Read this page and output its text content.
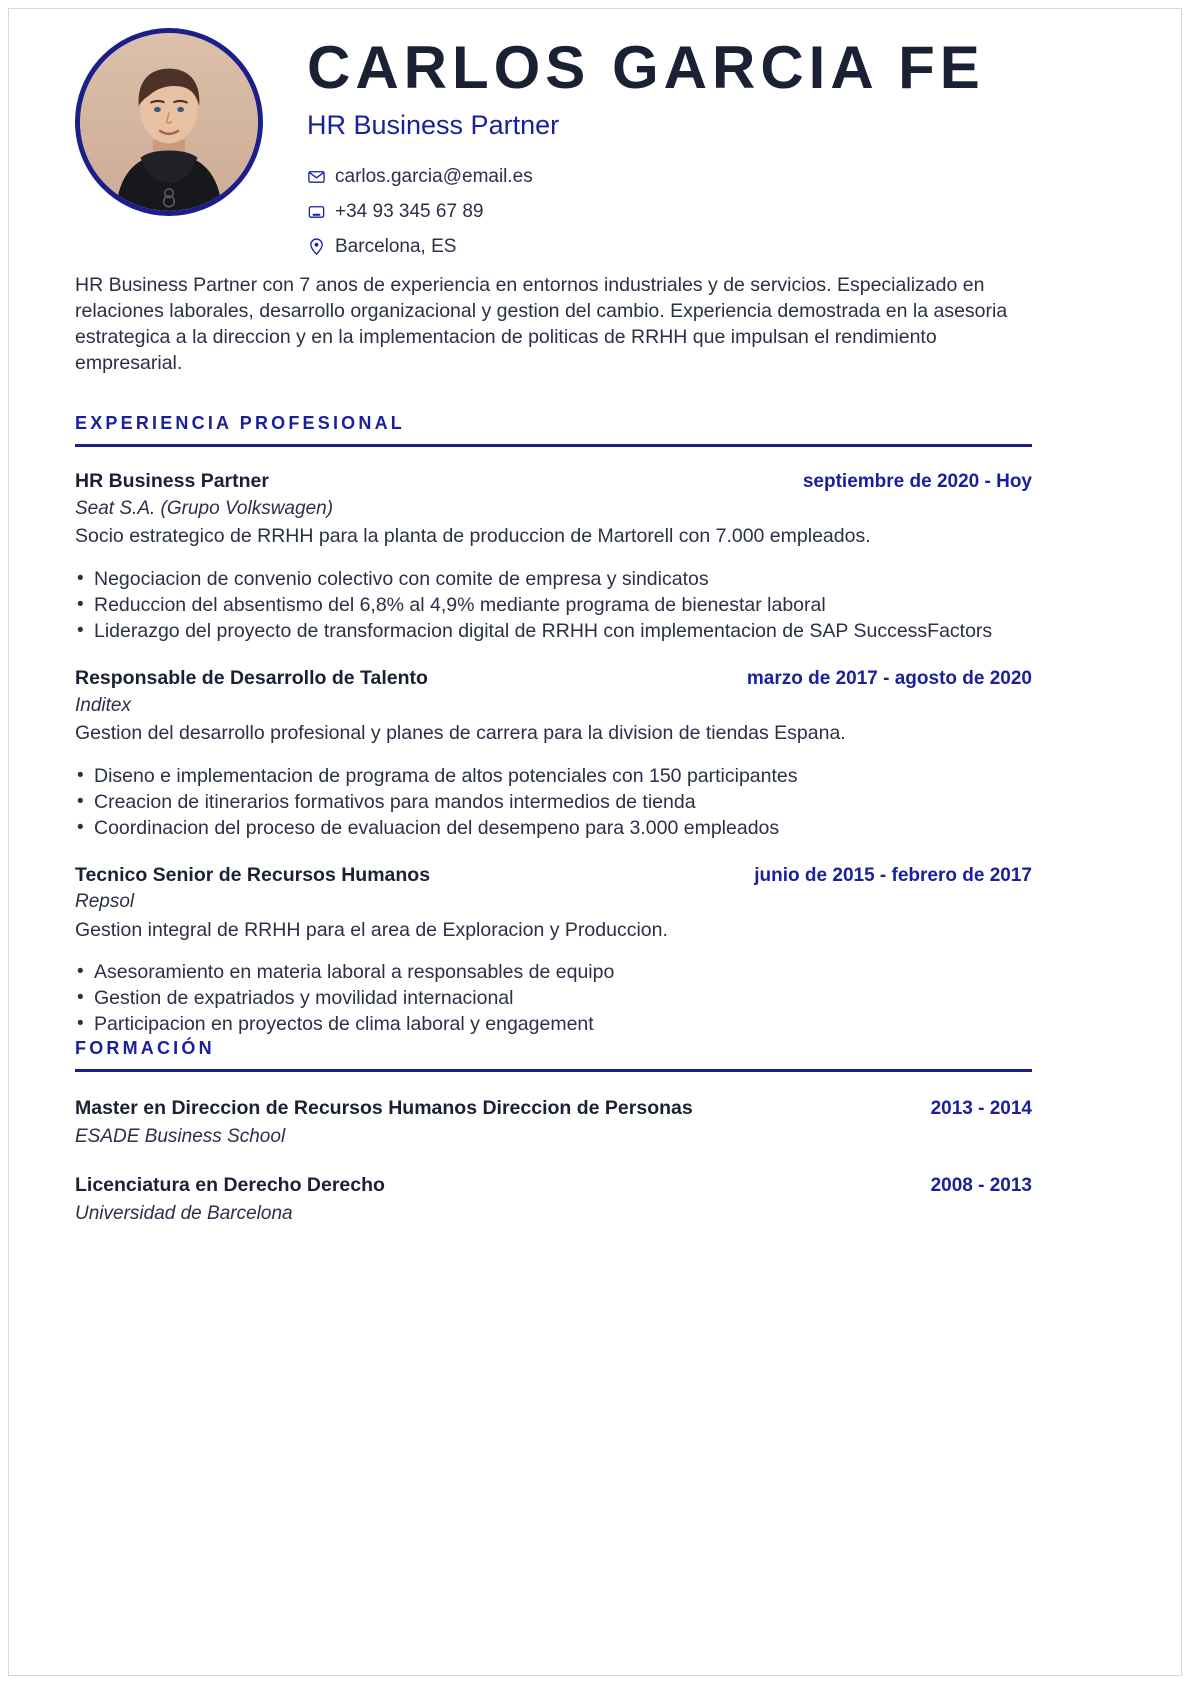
CARLOS GARCIA FE
HR Business Partner
carlos.garcia@email.es
+34 93 345 67 89
Barcelona, ES
HR Business Partner con 7 anos de experiencia en entornos industriales y de servicios. Especializado en relaciones laborales, desarrollo organizacional y gestion del cambio. Experiencia demostrada en la asesoria estrategica a la direccion y en la implementacion de politicas de RRHH que impulsan el rendimiento empresarial.
EXPERIENCIA PROFESIONAL
HR Business Partner	septiembre de 2020 - Hoy
Seat S.A. (Grupo Volkswagen)
Socio estrategico de RRHH para la planta de produccion de Martorell con 7.000 empleados.
• Negociacion de convenio colectivo con comite de empresa y sindicatos
• Reduccion del absentismo del 6,8% al 4,9% mediante programa de bienestar laboral
• Liderazgo del proyecto de transformacion digital de RRHH con implementacion de SAP SuccessFactors
Responsable de Desarrollo de Talento	marzo de 2017 - agosto de 2020
Inditex
Gestion del desarrollo profesional y planes de carrera para la division de tiendas Espana.
• Diseno e implementacion de programa de altos potenciales con 150 participantes
• Creacion de itinerarios formativos para mandos intermedios de tienda
• Coordinacion del proceso de evaluacion del desempeno para 3.000 empleados
Tecnico Senior de Recursos Humanos	junio de 2015 - febrero de 2017
Repsol
Gestion integral de RRHH para el area de Exploracion y Produccion.
• Asesoramiento en materia laboral a responsables de equipo
• Gestion de expatriados y movilidad internacional
• Participacion en proyectos de clima laboral y engagement
FORMACIÓN
Master en Direccion de Recursos Humanos Direccion de Personas	2013 - 2014
ESADE Business School
Licenciatura en Derecho Derecho	2008 - 2013
Universidad de Barcelona
